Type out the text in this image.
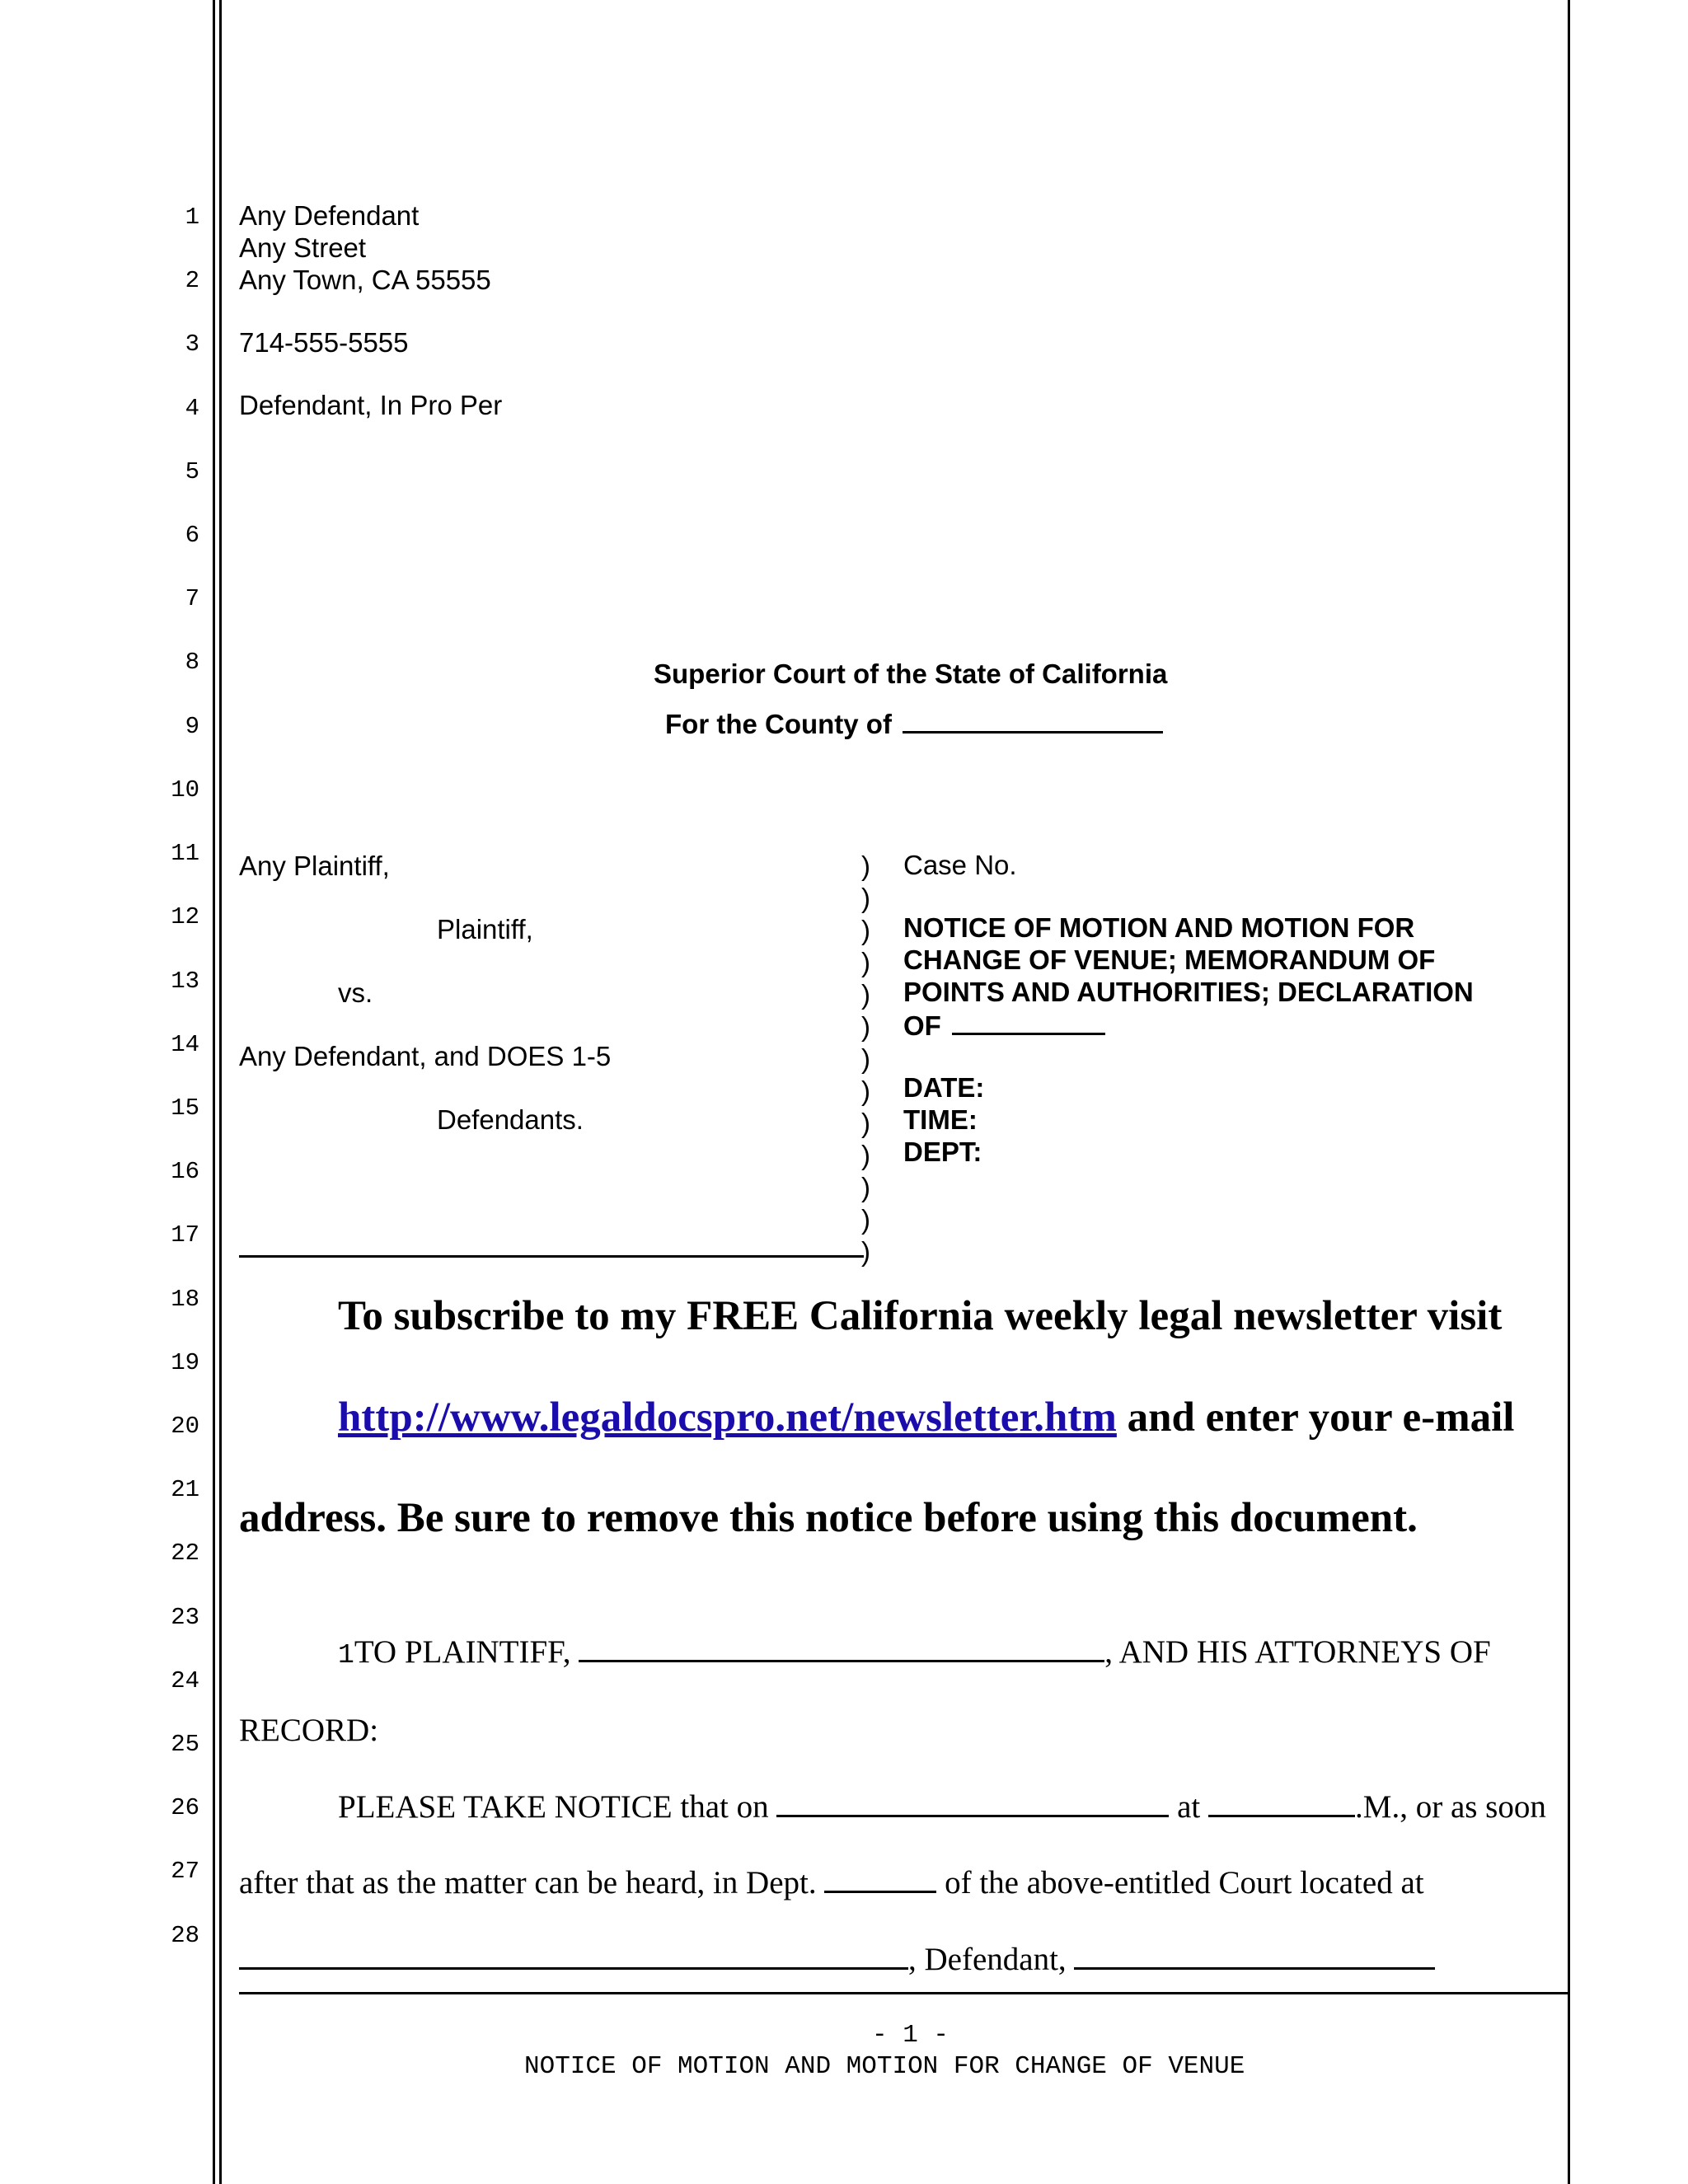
1
2
3
4
5
6
7
8
9
10
11
12
13
14
15
16
17
18
19
20
21
22
23
24
25
26
27
28
Any Defendant
Any Street
Any Town, CA 55555
714-555-5555
Defendant, In Pro Per
Superior Court of the State of California
For the County of
Any Plaintiff,
Plaintiff,
vs.
Any Defendant, and DOES 1-5
Defendants.
)
)
)
)
)
)
)
)
)
)
)
)
)
Case No.
NOTICE OF MOTION AND MOTION FOR
CHANGE OF VENUE; MEMORANDUM OF
POINTS AND AUTHORITIES; DECLARATION
OF
DATE:
TIME:
DEPT:
To subscribe to my FREE California weekly legal newsletter visit
http://www.legaldocspro.net/newsletter.htm and enter your e-mail
address. Be sure to remove this notice before using this document.
1TO PLAINTIFF,	, AND HIS ATTORNEYS OF
RECORD:
PLEASE TAKE NOTICE that on	at	.M., or as soon
after that as the matter can be heard, in Dept.	of the above-entitled Court located at
, Defendant,
- 1 -
NOTICE OF MOTION AND MOTION FOR CHANGE OF VENUE
